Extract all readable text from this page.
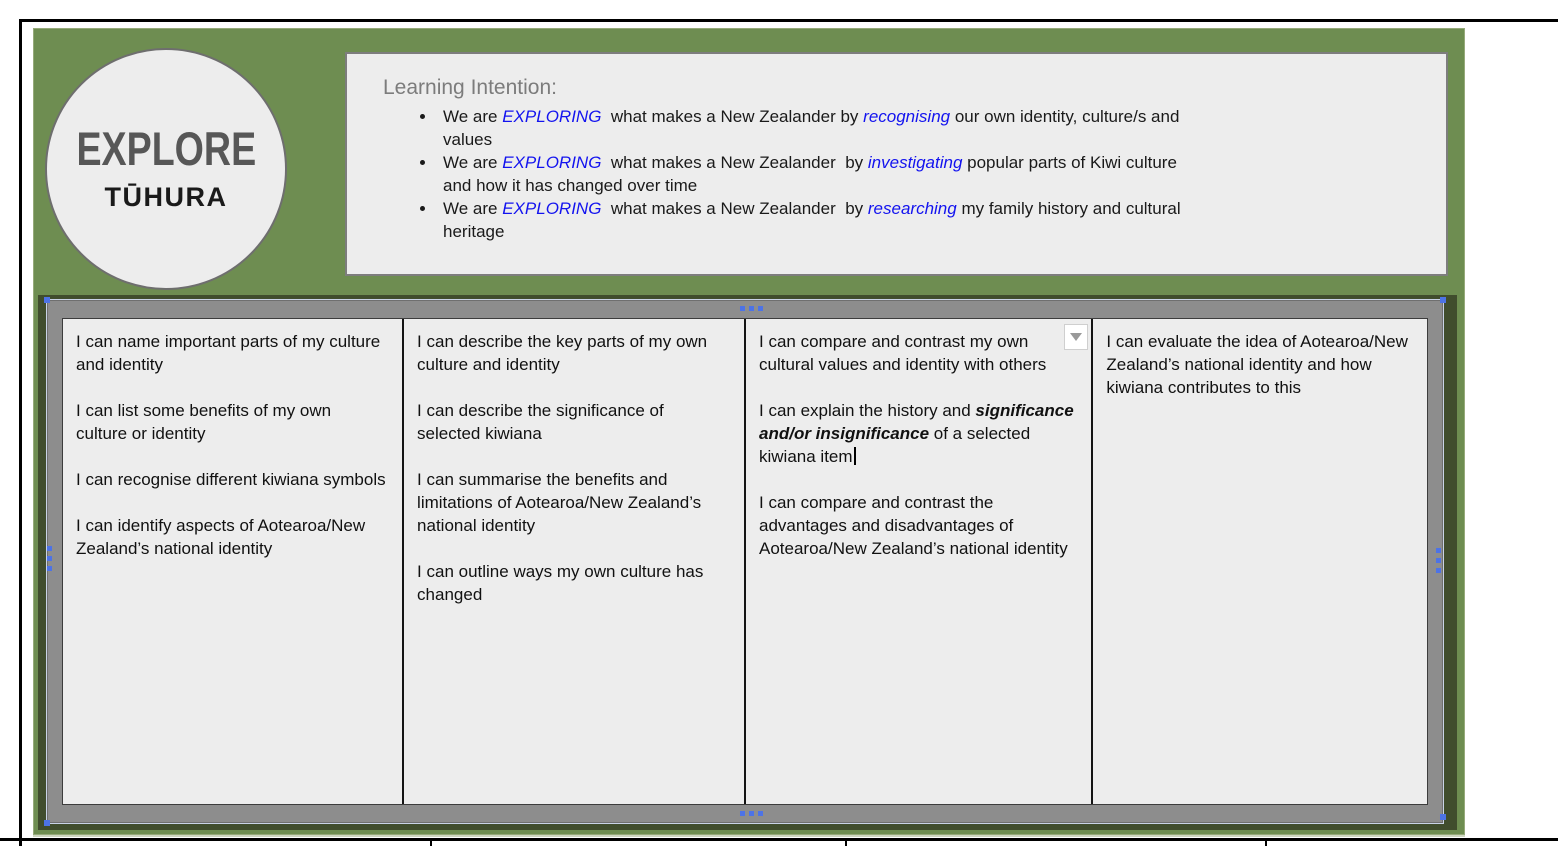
EXPLORE
TŪHURA

Learning Intention:

• We are EXPLORING  what makes a New Zealander by recognising our own identity, culture/s and values
• We are EXPLORING  what makes a New Zealander  by investigating popular parts of Kiwi culture and how it has changed over time
• We are EXPLORING  what makes a New Zealander  by researching my family history and cultural heritage

I can name important parts of my culture and identity

I can list some benefits of my own culture or identity

I can recognise different kiwiana symbols

I can identify aspects of Aotearoa/New Zealand’s national identity

I can describe the key parts of my own culture and identity

I can describe the significance of selected kiwiana

I can summarise the benefits and limitations of Aotearoa/New Zealand’s national identity

I can outline ways my own culture has changed

I can compare and contrast my own cultural values and identity with others

I can explain the history and significance and/or insignificance of a selected kiwiana item

I can compare and contrast the advantages and disadvantages of Aotearoa/New Zealand’s national identity

I can evaluate the idea of Aotearoa/New Zealand’s national identity and how kiwiana contributes to this
